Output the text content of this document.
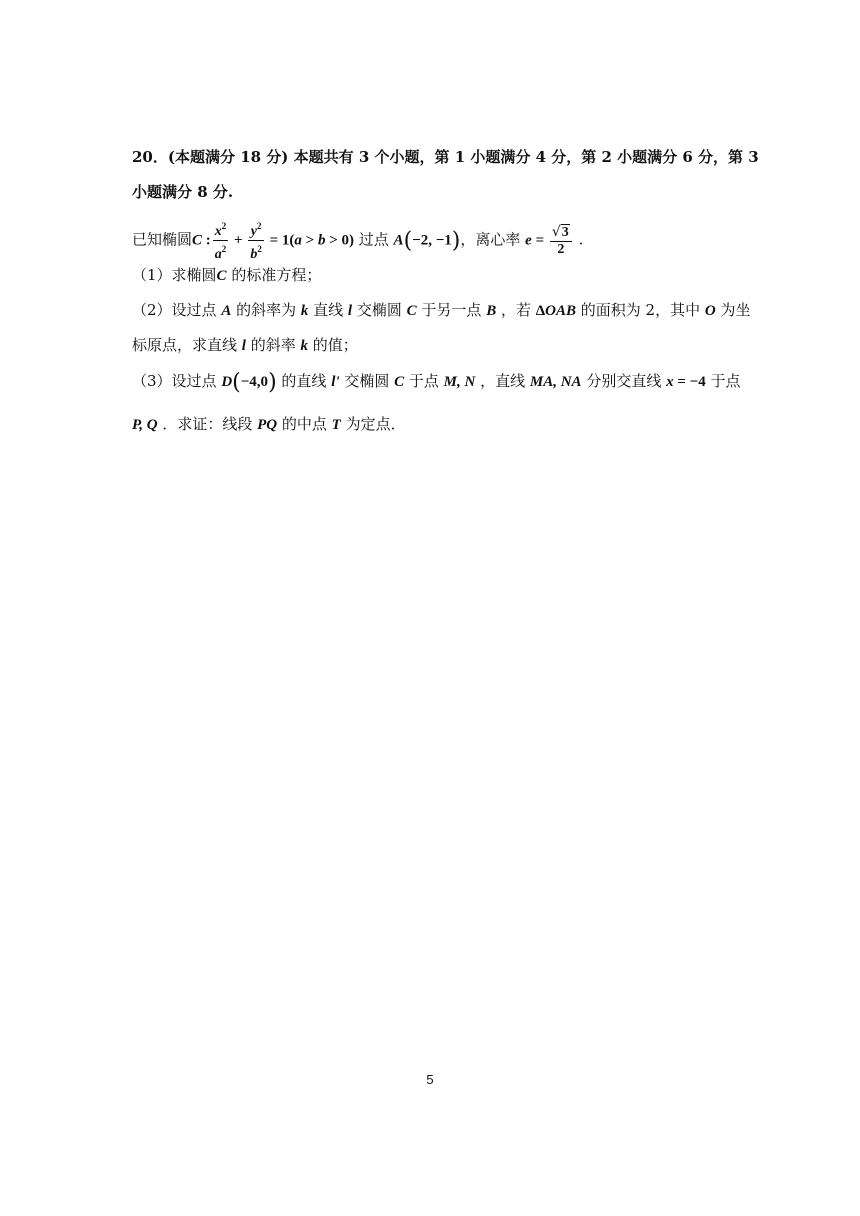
20．(本题满分 18 分) 本题共有 3 个小题，第 1 小题满分 4 分，第 2 小题满分 6 分，第 3
小题满分 8 分.
已知椭圆C : $\frac{x^2}{a^2} + \frac{y^2}{b^2} = 1(a > b > 0)$ 过点 A(−2, −1)，离心率 $e = \frac{√3}{2}$ .
（1）求椭圆C 的标准方程；
（2）设过点 A 的斜率为 k 直线 l 交椭圆 C 于另一点 B ，若 ΔOAB 的面积为 2，其中 O 为坐
标原点，求直线 l 的斜率 k 的值；
（3）设过点 D(−4,0) 的直线 l' 交椭圆 C 于点 M, N ，直线 MA, NA 分别交直线 x = −4 于点
P, Q ．求证：线段 PQ 的中点 T 为定点．
5
